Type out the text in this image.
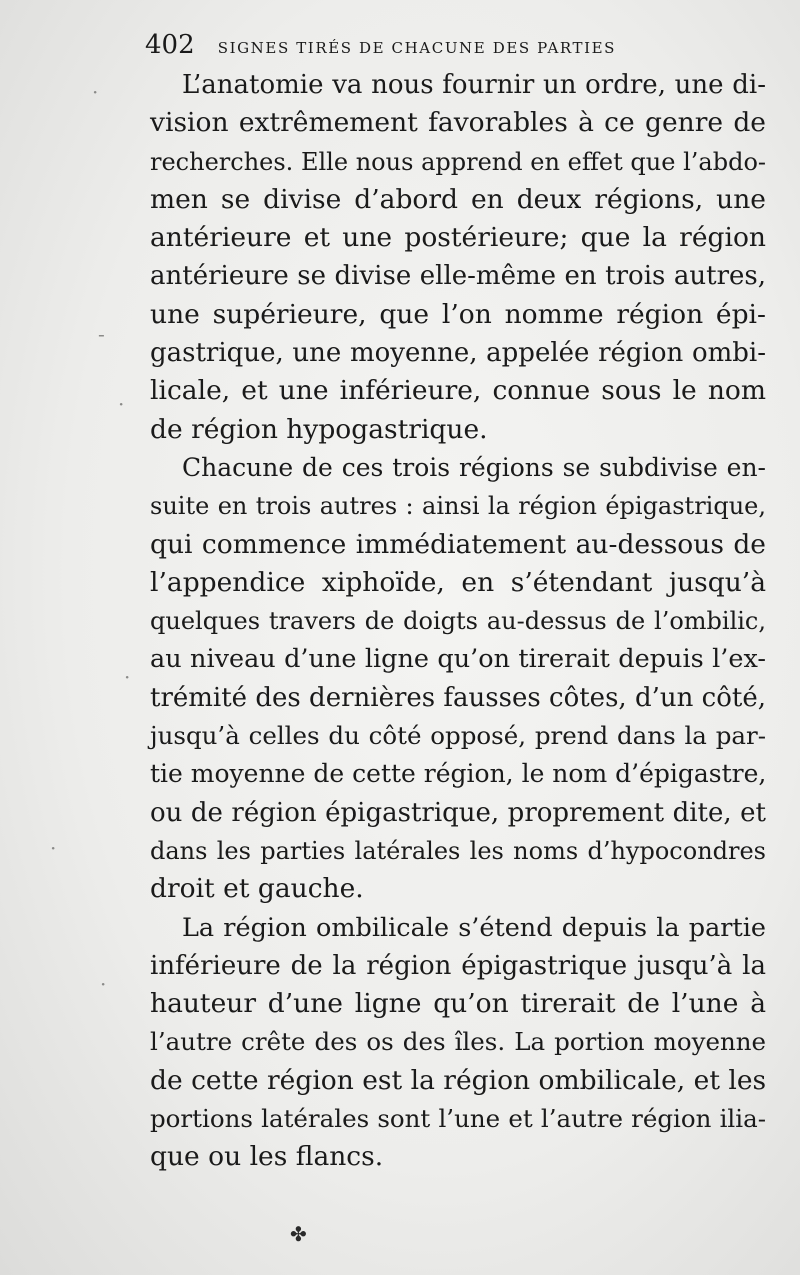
402 SIGNES TIRÉS DE CHACUNE DES PARTIES
L’anatomie va nous fournir un ordre, une di-
vision extrêmement favorables à ce genre de
recherches. Elle nous apprend en effet que l’abdo-
men se divise d’abord en deux régions, une
antérieure et une postérieure; que la région
antérieure se divise elle-même en trois autres,
une supérieure, que l’on nomme région épi-
gastrique, une moyenne, appelée région ombi-
licale, et une inférieure, connue sous le nom
de région hypogastrique.
Chacune de ces trois régions se subdivise en-
suite en trois autres : ainsi la région épigastrique,
qui commence immédiatement au-dessous de
l’appendice xiphoïde, en s’étendant jusqu’à
quelques travers de doigts au-dessus de l’ombilic,
au niveau d’une ligne qu’on tirerait depuis l’ex-
trémité des dernières fausses côtes, d’un côté,
jusqu’à celles du côté opposé, prend dans la par-
tie moyenne de cette région, le nom d’épigastre,
ou de région épigastrique, proprement dite, et
dans les parties latérales les noms d’hypocondres
droit et gauche.
La région ombilicale s’étend depuis la partie
inférieure de la région épigastrique jusqu’à la
hauteur d’une ligne qu’on tirerait de l’une à
l’autre crête des os des îles. La portion moyenne
de cette région est la région ombilicale, et les
portions latérales sont l’une et l’autre région ilia-
que ou les flancs.
✤
·
-
·
·
·
·
